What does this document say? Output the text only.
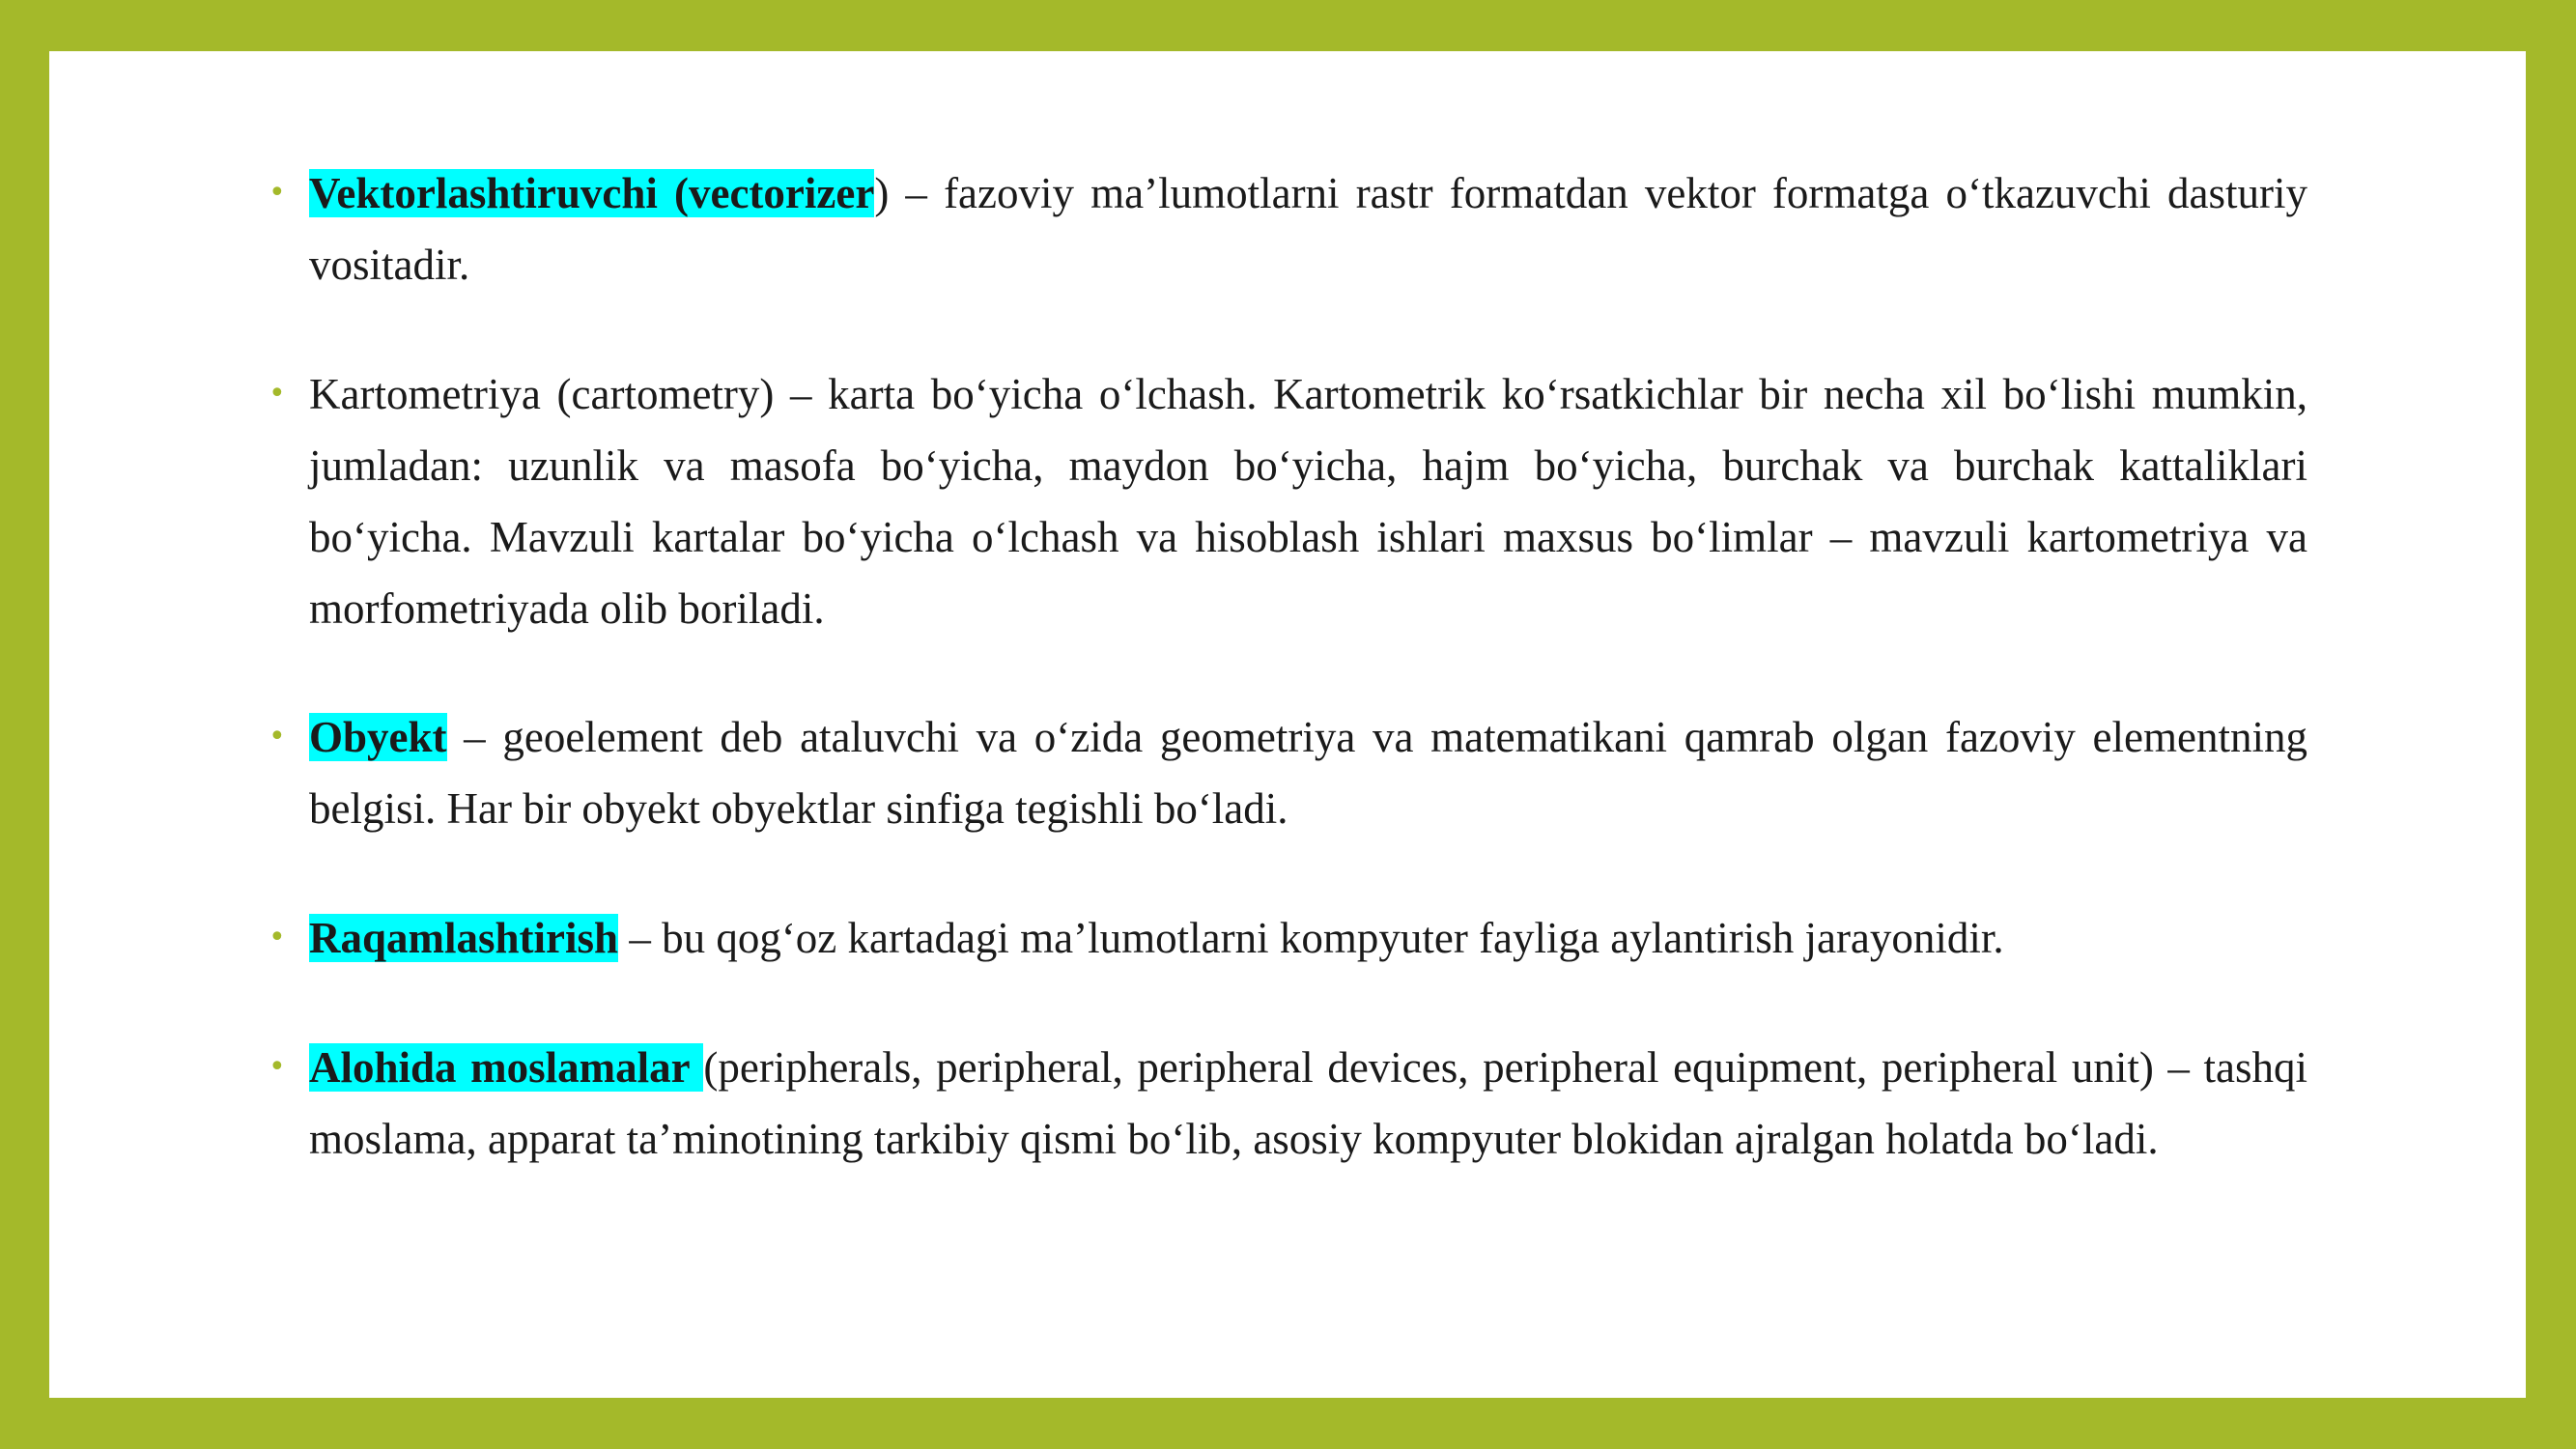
• Vektorlashtiruvchi (vectorizer) – fazoviy ma’lumotlarni rastr formatdan vektor formatga o‘tkazuvchi dasturiy vositadir.
• Kartometriya (cartometry) – karta bo‘yicha o‘lchash. Kartometrik ko‘rsatkichlar bir necha xil bo‘lishi mumkin, jumladan: uzunlik va masofa bo‘yicha, maydon bo‘yicha, hajm bo‘yicha, burchak va burchak kattaliklari bo‘yicha. Mavzuli kartalar bo‘yicha o‘lchash va hisoblash ishlari maxsus bo‘limlar – mavzuli kartometriya va morfometriyada olib boriladi.
• Obyekt – geoelement deb ataluvchi va o‘zida geometriya va matematikani qamrab olgan fazoviy elementning belgisi. Har bir obyekt obyektlar sinfiga tegishli bo‘ladi.
• Raqamlashtirish – bu qog‘oz kartadagi ma’lumotlarni kompyuter fayliga aylantirish jarayonidir.
• Alohida moslamalar (peripherals, peripheral, peripheral devices, peripheral equipment, peripheral unit) – tashqi moslama, apparat ta’minotining tarkibiy qismi bo‘lib, asosiy kompyuter blokidan ajralgan holatda bo‘ladi.
